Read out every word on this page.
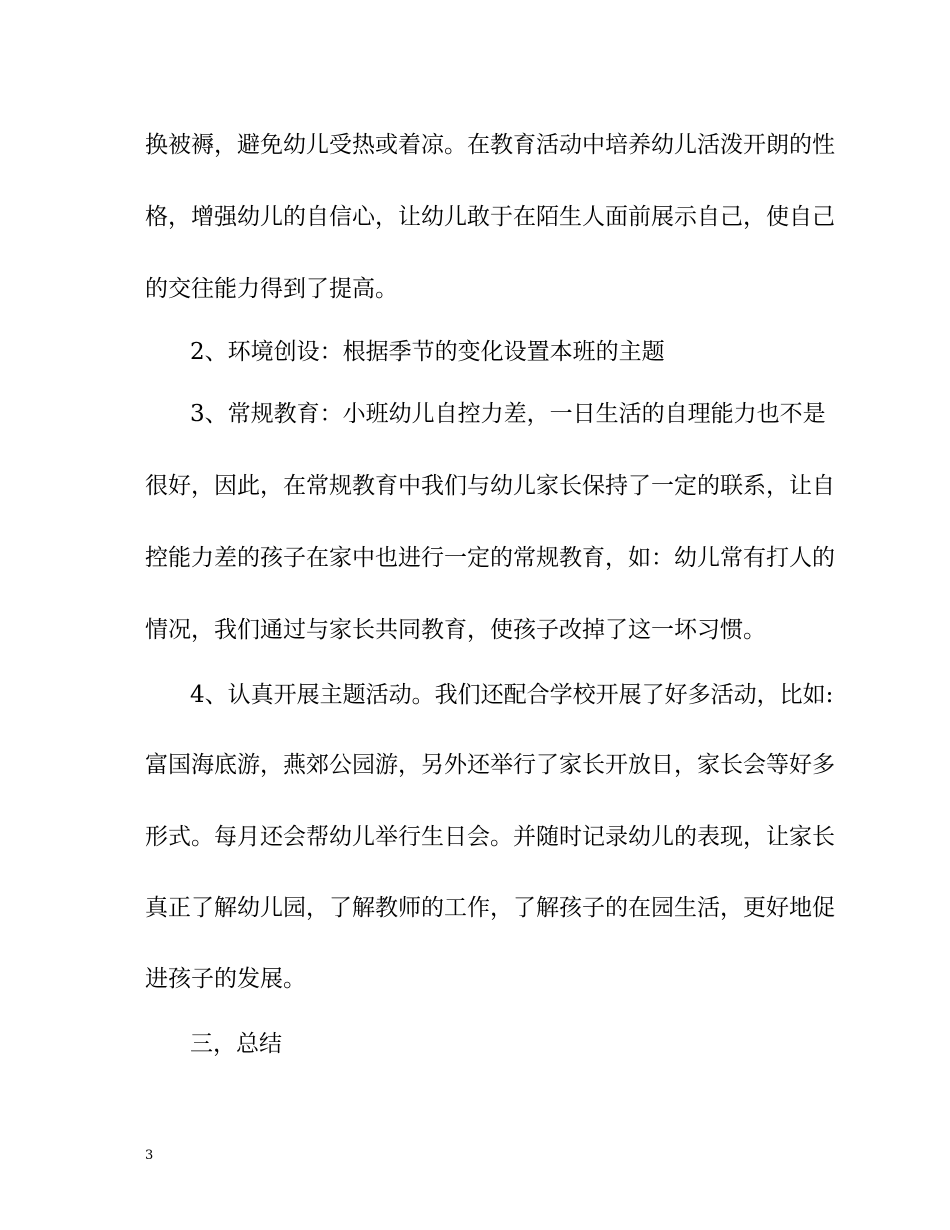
换被褥，避免幼儿受热或着凉。在教育活动中培养幼儿活泼开朗的性
格，增强幼儿的自信心，让幼儿敢于在陌生人面前展示自己，使自己
的交往能力得到了提高。
2、环境创设：根据季节的变化设置本班的主题
3、常规教育：小班幼儿自控力差，一日生活的自理能力也不是
很好，因此，在常规教育中我们与幼儿家长保持了一定的联系，让自
控能力差的孩子在家中也进行一定的常规教育，如：幼儿常有打人的
情况，我们通过与家长共同教育，使孩子改掉了这一坏习惯。
4、认真开展主题活动。我们还配合学校开展了好多活动，比如:
富国海底游，燕郊公园游，另外还举行了家长开放日，家长会等好多
形式。每月还会帮幼儿举行生日会。并随时记录幼儿的表现，让家长
真正了解幼儿园，了解教师的工作，了解孩子的在园生活，更好地促
进孩子的发展。
三，总结
3
